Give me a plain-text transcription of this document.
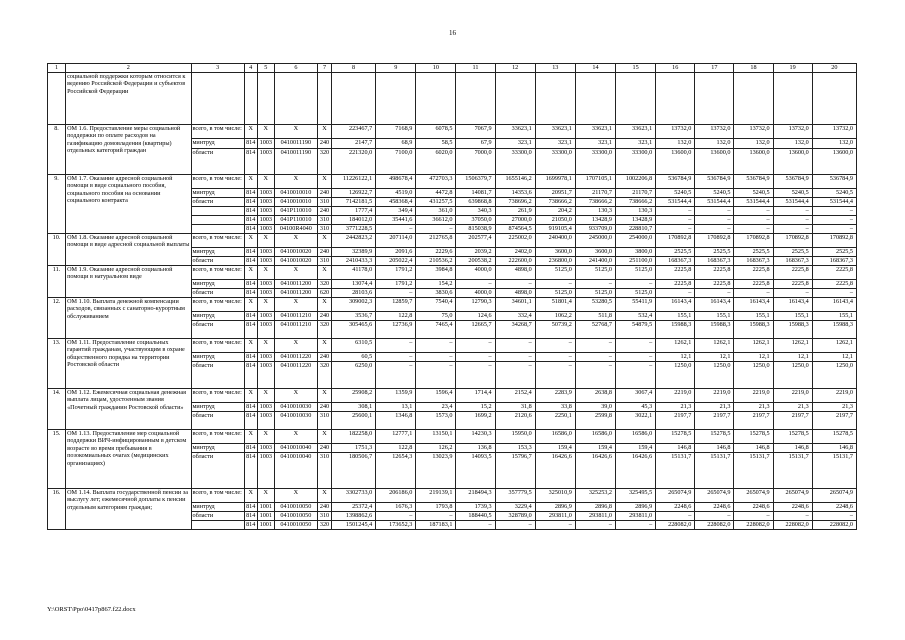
16
1	2	3	4	5	6	7	8	9	10	11	12	13	14	15	16	17	18	19	20
	социальной поддержки которым относится к ведению Российской Федерации и субъектов Российской Федерации																		
8.	ОМ 1.6. Предоставление меры социальной поддержки по оплате расходов на газификацию домовладения (квартиры) отдельных категорий граждан	всего, в том числе:	X	X	X	X	223467,7	7168,9	6078,5	7067,9	33623,1	33623,1	33623,1	33623,1	13732,0	13732,0	13732,0	13732,0	13732,0
		минтруд	814	1003	0410011190	240	2147,7	68,9	58,5	67,9	323,1	323,1	323,1	323,1	132,0	132,0	132,0	132,0	132,0
		области	814	1003	0410011190	320	221320,0	7100,0	6020,0	7000,0	33300,0	33300,0	33300,0	33300,0	13600,0	13600,0	13600,0	13600,0	13600,0
9.	ОМ 1.7. Оказание адресной социальной помощи в виде социального пособия, социального пособия на основании социального контракта	всего, в том числе:	X	X	X	X	11226122,1	498678,4	472703,3	1506379,7	1655146,2	1699978,1	1707105,1	1002206,8	536784,9	536784,9	536784,9	536784,9	536784,9
		минтруд	814	1003	0410010010	240	126922,7	4519,0	4472,8	14081,7	14353,6	20951,7	21170,7	21170,7	5240,5	5240,5	5240,5	5240,5	5240,5
		области	814	1003	0410010010	310	7142181,5	458368,4	431257,5	639868,8	738696,2	738666,2	738666,2	738666,2	531544,4	531544,4	531544,4	531544,4	531544,4
			814	1003	041Р110010	240	1777,4	349,4	361,0	340,3	261,9	204,2	130,3	130,3	–	–	–	–	–
			814	1003	041Р110010	310	184012,0	35441,6	36612,0	37050,0	27000,0	21050,0	13428,9	13428,9	–	–	–	–	–
			814	1003	04100R4040	310	3771228,5	–	–	815038,9	874564,5	919105,4	933709,0	228810,7	–	–	–	–	–
10.	ОМ 1.8. Оказание адресной социальной помощи в виде адресной социальной выплаты	всего, в том числе:	X	X	X	X	2442823,2	207114,0	212765,8	202577,4	225002,0	240400,0	245000,0	254000,0	170892,8	170892,8	170892,8	170892,8	170892,8
		минтруд	814	1003	0410010020	240	32389,9	2091,6	2229,6	2039,2	2402,0	3600,0	3600,0	3800,0	2525,5	2525,5	2525,5	2525,5	2525,5
		области	814	1003	0410010020	310	2410433,3	205022,4	210536,2	200538,2	222600,0	236800,0	241400,0	251100,0	168367,3	168367,3	168367,3	168367,3	168367,3
11.	ОМ 1.9. Оказание адресной социальной помощи в натуральном виде	всего, в том числе:	X	X	X	X	41178,0	1791,2	3984,8	4000,0	4898,0	5125,0	5125,0	5125,0	2225,8	2225,8	2225,8	2225,8	2225,8
		минтруд	814	1003	0410011200	320	13074,4	1791,2	154,2	–	–	–	–	–	2225,8	2225,8	2225,8	2225,8	2225,8
		области	814	1003	0410011200	620	28103,6	–	3830,6	4000,0	4898,0	5125,0	5125,0	5125,0	–	–	–	–	–
12.	ОМ 1.10. Выплата денежной компенсации расходов, связанных с санаторно-курортным обслуживанием	всего, в том числе:	X	X	X	X	309002,3	12859,7	7540,4	12790,3	34601,1	51801,4	53280,5	55411,9	16143,4	16143,4	16143,4	16143,4	16143,4
		минтруд	814	1003	0410011210	240	3536,7	122,8	75,0	124,6	332,4	1062,2	511,8	532,4	155,1	155,1	155,1	155,1	155,1
		области	814	1003	0410011210	320	305465,6	12736,9	7465,4	12665,7	34268,7	50739,2	52768,7	54879,5	15988,3	15988,3	15988,3	15988,3	15988,3
13.	ОМ 1.11. Предоставление социальных гарантий гражданам, участвующим в охране общественного порядка на территории Ростовской области	всего, в том числе:	X	X	X	X	6310,5	–	–	–	–	–	–	–	1262,1	1262,1	1262,1	1262,1	1262,1
		минтруд	814	1003	0410011220	240	60,5	–	–	–	–	–	–	–	12,1	12,1	12,1	12,1	12,1
		области	814	1003	0410011220	320	6250,0	–	–	–	–	–	–	–	1250,0	1250,0	1250,0	1250,0	1250,0
14.	ОМ 1.12. Ежемесячная социальная денежная выплата лицам, удостоенным звания «Почетный гражданин Ростовской области»	всего, в том числе:	X	X	X	X	25908,2	1359,9	1596,4	1714,4	2152,4	2283,9	2638,8	3067,4	2219,0	2219,0	2219,0	2219,0	2219,0
		минтруд	814	1003	0410010030	240	308,1	13,1	23,4	15,2	31,8	33,8	39,0	45,3	21,3	21,3	21,3	21,3	21,3
		области	814	1003	0410010030	310	25600,1	1346,8	1573,0	1699,2	2120,6	2250,1	2599,8	3022,1	2197,7	2197,7	2197,7	2197,7	2197,7
15.	ОМ 1.13. Предоставление мер социальной поддержки ВИЧ-инфицированным в детском возрасте во время пребывания в позокомиальных очагах (медицинских организациях)	всего, в том числе:	X	X	X	X	182258,0	12777,1	13150,1	14230,3	15950,0	16586,0	16586,0	16586,0	15278,5	15278,5	15278,5	15278,5	15278,5
		минтруд	814	1003	0410010040	240	1751,3	122,8	126,2	136,8	153,3	159,4	159,4	159,4	146,8	146,8	146,8	146,8	146,8
		области	814	1003	0410010040	310	180506,7	12654,3	13023,9	14093,5	15796,7	16426,6	16426,6	16426,6	15131,7	15131,7	15131,7	15131,7	15131,7
16.	ОМ 1.14. Выплата государственной пенсии за выслугу лет; ежемесячной доплаты к пенсии отдельным категориям граждан;	всего, в том числе:	X	X	X	X	3302733,0	206186,0	219139,1	218494,3	357779,5	325010,9	325253,2	325495,5	265074,9	265074,9	265074,9	265074,9	265074,9
		минтруд	814	1001	0410010050	240	25372,4	1676,3	1793,8	1739,3	3229,4	2896,9	2896,8	2896,9	2248,6	2248,6	2248,6	2248,6	2248,6
		области	814	1001	0410010050	310	1398862,6	–	–	188440,5	328789,0	293811,0	293811,0	293811,0	–	–	–	–	–
			814	1001	0410010050	320	1501245,4	173652,3	187183,1	–	–	–	–	–	228082,0	228082,0	228082,0	228082,0	228082,0
Y:\ORST\Ppo\0417p867.f22.docx
